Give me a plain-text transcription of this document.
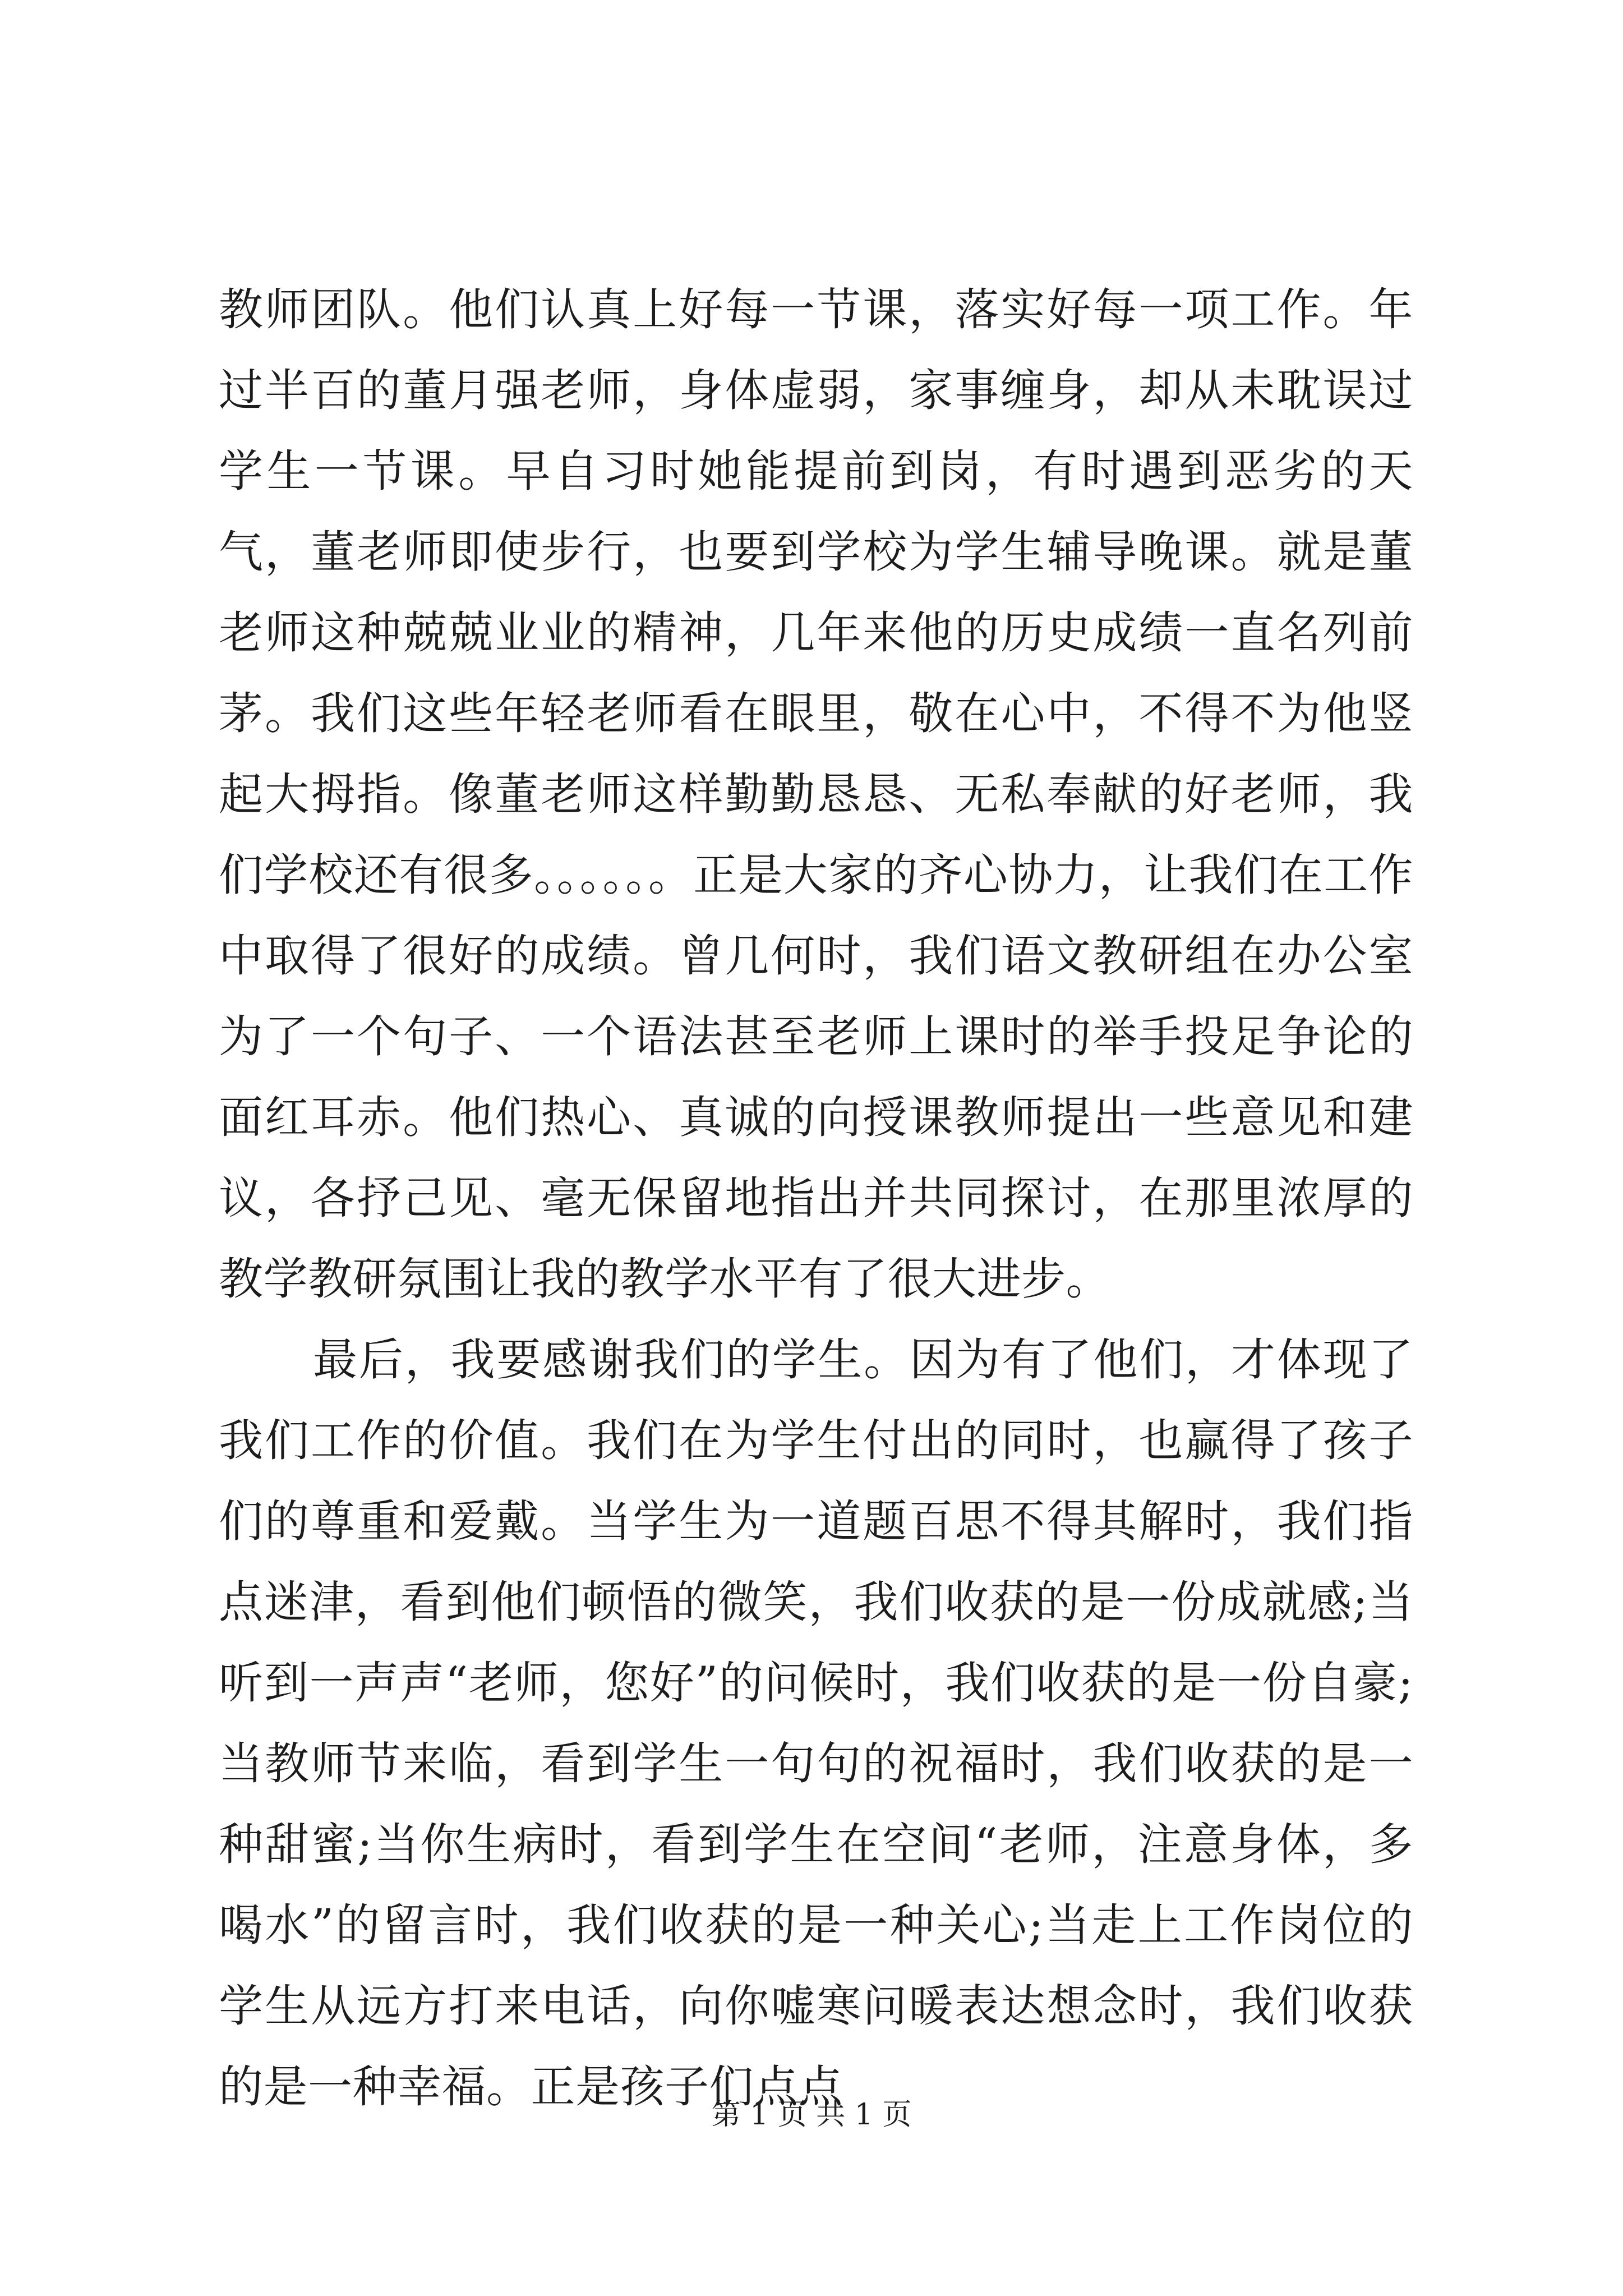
教师团队。他们认真上好每一节课，落实好每一项工作。年过半百的董月强老师，身体虚弱，家事缠身，却从未耽误过学生一节课。早自习时她能提前到岗，有时遇到恶劣的天气，董老师即使步行，也要到学校为学生辅导晚课。就是董老师这种兢兢业业的精神，几年来他的历史成绩一直名列前茅。我们这些年轻老师看在眼里，敬在心中，不得不为他竖起大拇指。像董老师这样勤勤恳恳、无私奉献的好老师，我们学校还有很多。。。。。。正是大家的齐心协力，让我们在工作中取得了很好的成绩。曾几何时，我们语文教研组在办公室为了一个句子、一个语法甚至老师上课时的举手投足争论的面红耳赤。他们热心、真诚的向授课教师提出一些意见和建议，各抒己见、毫无保留地指出并共同探讨，在那里浓厚的教学教研氛围让我的教学水平有了很大进步。

最后，我要感谢我们的学生。因为有了他们，才体现了我们工作的价值。我们在为学生付出的同时，也赢得了孩子们的尊重和爱戴。当学生为一道题百思不得其解时，我们指点迷津，看到他们顿悟的微笑，我们收获的是一份成就感;当听到一声声“老师，您好”的问候时，我们收获的是一份自豪;当教师节来临，看到学生一句句的祝福时，我们收获的是一种甜蜜;当你生病时，看到学生在空间“老师，注意身体，多喝水”的留言时，我们收获的是一种关心;当走上工作岗位的学生从远方打来电话，向你嘘寒问暖表达想念时，我们收获的是一种幸福。正是孩子们点点

第 1 页 共 1 页
